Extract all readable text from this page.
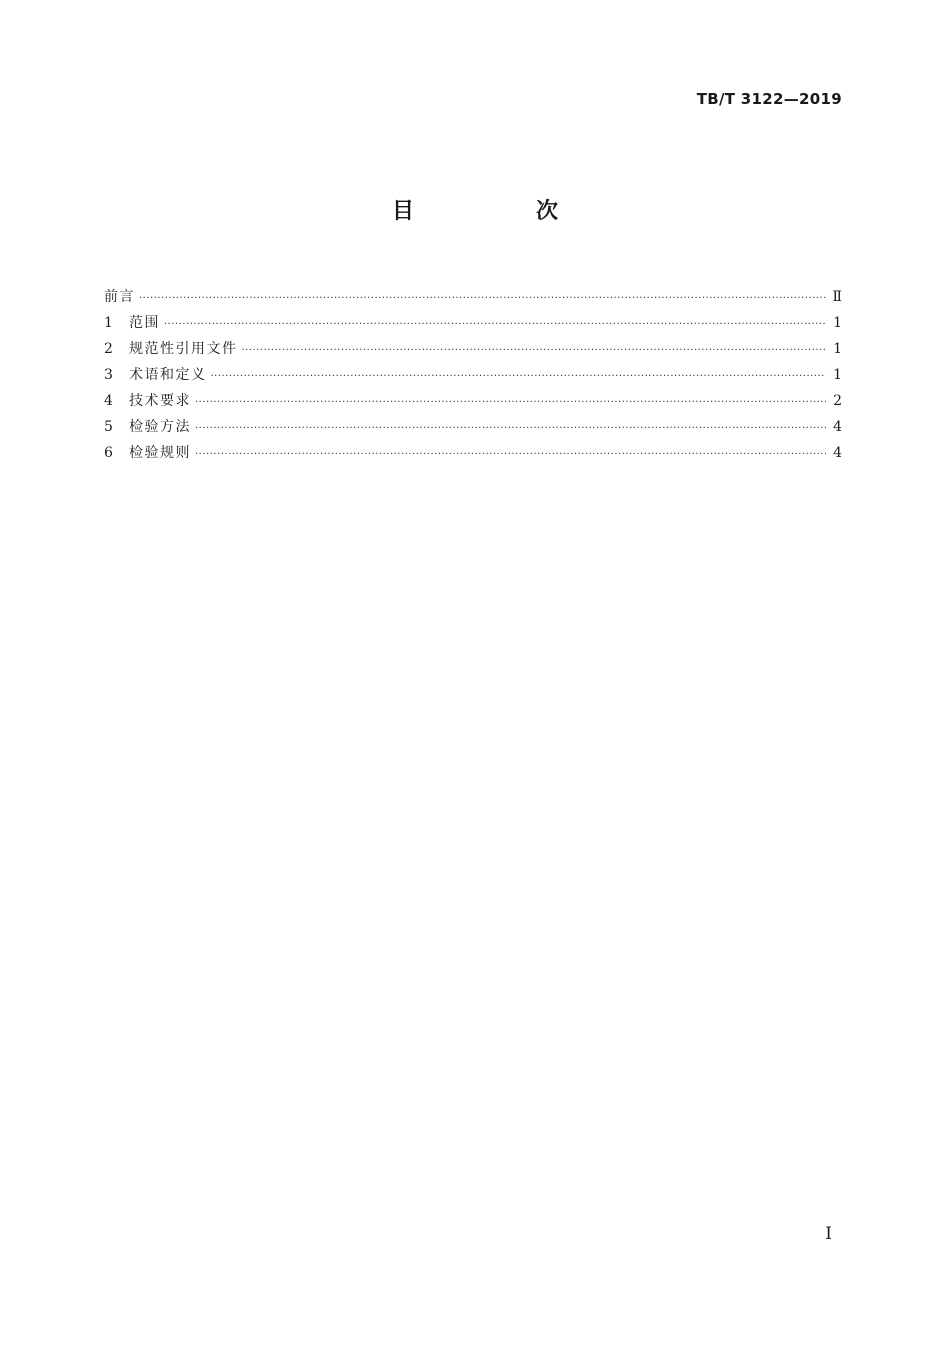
TB/T 3122—2019
目　次
前言 ·····	Ⅱ
1	范围 ·····	1
2	规范性引用文件 ·····	1
3	术语和定义 ·····	1
4	技术要求 ·····	2
5	检验方法 ·····	4
6	检验规则 ·····	4
I
